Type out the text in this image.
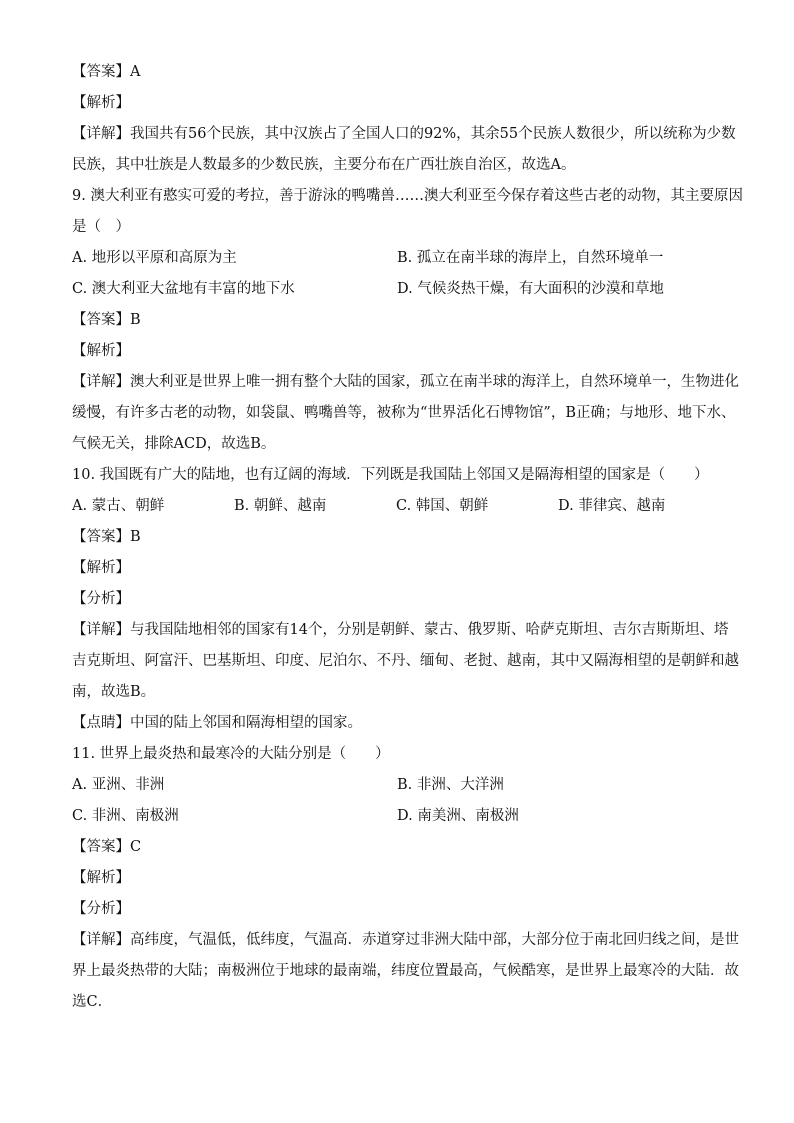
【答案】A
【解析】
【详解】我国共有56个民族，其中汉族占了全国人口的92%，其余55个民族人数很少，所以统称为少数
民族，其中壮族是人数最多的少数民族，主要分布在广西壮族自治区，故选A。
9. 澳大利亚有憨实可爱的考拉，善于游泳的鸭嘴兽……澳大利亚至今保存着这些古老的动物，其主要原因
是（　）
A. 地形以平原和高原为主	B. 孤立在南半球的海岸上，自然环境单一
C. 澳大利亚大盆地有丰富的地下水	D. 气候炎热干燥，有大面积的沙漠和草地
【答案】B
【解析】
【详解】澳大利亚是世界上唯一拥有整个大陆的国家，孤立在南半球的海洋上，自然环境单一，生物进化
缓慢，有许多古老的动物，如袋鼠、鸭嘴兽等，被称为“世界活化石博物馆”，B正确；与地形、地下水、
气候无关，排除ACD，故选B。
10. 我国既有广大的陆地，也有辽阔的海域．下列既是我国陆上邻国又是隔海相望的国家是（　　）
A. 蒙古、朝鲜	B. 朝鲜、越南	C. 韩国、朝鲜	D. 菲律宾、越南
【答案】B
【解析】
【分析】
【详解】与我国陆地相邻的国家有14个，分别是朝鲜、蒙古、俄罗斯、哈萨克斯坦、吉尔吉斯斯坦、塔
吉克斯坦、阿富汗、巴基斯坦、印度、尼泊尔、不丹、缅甸、老挝、越南，其中又隔海相望的是朝鲜和越
南，故选B。
【点睛】中国的陆上邻国和隔海相望的国家。
11. 世界上最炎热和最寒冷的大陆分别是（　　）
A. 亚洲、非洲	B. 非洲、大洋洲
C. 非洲、南极洲	D. 南美洲、南极洲
【答案】C
【解析】
【分析】
【详解】高纬度，气温低，低纬度，气温高．赤道穿过非洲大陆中部，大部分位于南北回归线之间，是世
界上最炎热带的大陆；南极洲位于地球的最南端，纬度位置最高，气候酷寒，是世界上最寒冷的大陆．故
选C．
